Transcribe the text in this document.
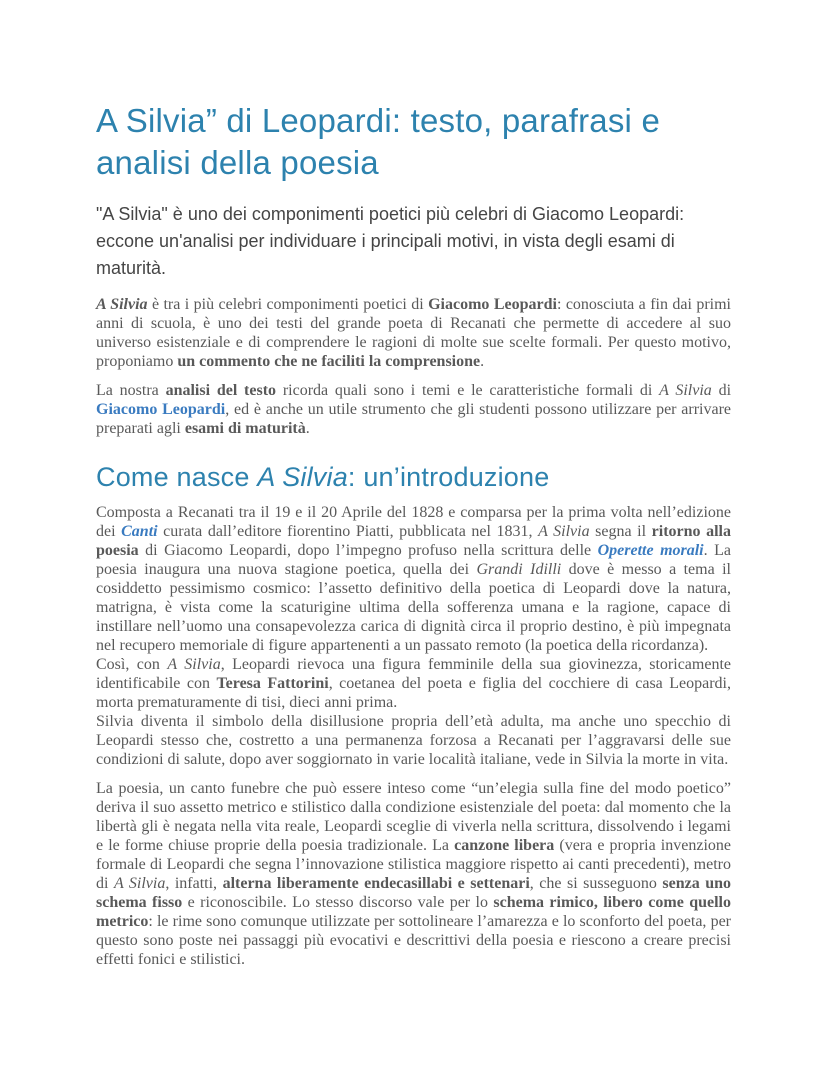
A Silvia” di Leopardi: testo, parafrasi e analisi della poesia

"A Silvia" è uno dei componimenti poetici più celebri di Giacomo Leopardi: eccone un'analisi per individuare i principali motivi, in vista degli esami di maturità.

A Silvia è tra i più celebri componimenti poetici di Giacomo Leopardi: conosciuta a fin dai primi anni di scuola, è uno dei testi del grande poeta di Recanati che permette di accedere al suo universo esistenziale e di comprendere le ragioni di molte sue scelte formali. Per questo motivo, proponiamo un commento che ne faciliti la comprensione.

La nostra analisi del testo ricorda quali sono i temi e le caratteristiche formali di A Silvia di Giacomo Leopardi, ed è anche un utile strumento che gli studenti possono utilizzare per arrivare preparati agli esami di maturità.

Come nasce A Silvia: un’introduzione

Composta a Recanati tra il 19 e il 20 Aprile del 1828 e comparsa per la prima volta nell’edizione dei Canti curata dall’editore fiorentino Piatti, pubblicata nel 1831, A Silvia segna il ritorno alla poesia di Giacomo Leopardi, dopo l’impegno profuso nella scrittura delle Operette morali. La poesia inaugura una nuova stagione poetica, quella dei Grandi Idilli dove è messo a tema il cosiddetto pessimismo cosmico: l’assetto definitivo della poetica di Leopardi dove la natura, matrigna, è vista come la scaturigine ultima della sofferenza umana e la ragione, capace di instillare nell’uomo una consapevolezza carica di dignità circa il proprio destino, è più impegnata nel recupero memoriale di figure appartenenti a un passato remoto (la poetica della ricordanza).
Così, con A Silvia, Leopardi rievoca una figura femminile della sua giovinezza, storicamente identificabile con Teresa Fattorini, coetanea del poeta e figlia del cocchiere di casa Leopardi, morta prematuramente di tisi, dieci anni prima.
Silvia diventa il simbolo della disillusione propria dell’età adulta, ma anche uno specchio di Leopardi stesso che, costretto a una permanenza forzosa a Recanati per l’aggravarsi delle sue condizioni di salute, dopo aver soggiornato in varie località italiane, vede in Silvia la morte in vita.

La poesia, un canto funebre che può essere inteso come “un’elegia sulla fine del modo poetico” deriva il suo assetto metrico e stilistico dalla condizione esistenziale del poeta: dal momento che la libertà gli è negata nella vita reale, Leopardi sceglie di viverla nella scrittura, dissolvendo i legami e le forme chiuse proprie della poesia tradizionale. La canzone libera (vera e propria invenzione formale di Leopardi che segna l’innovazione stilistica maggiore rispetto ai canti precedenti), metro di A Silvia, infatti, alterna liberamente endecasillabi e settenari, che si susseguono senza uno schema fisso e riconoscibile. Lo stesso discorso vale per lo schema rimico, libero come quello metrico: le rime sono comunque utilizzate per sottolineare l’amarezza e lo sconforto del poeta, per questo sono poste nei passaggi più evocativi e descrittivi della poesia e riescono a creare precisi effetti fonici e stilistici.
